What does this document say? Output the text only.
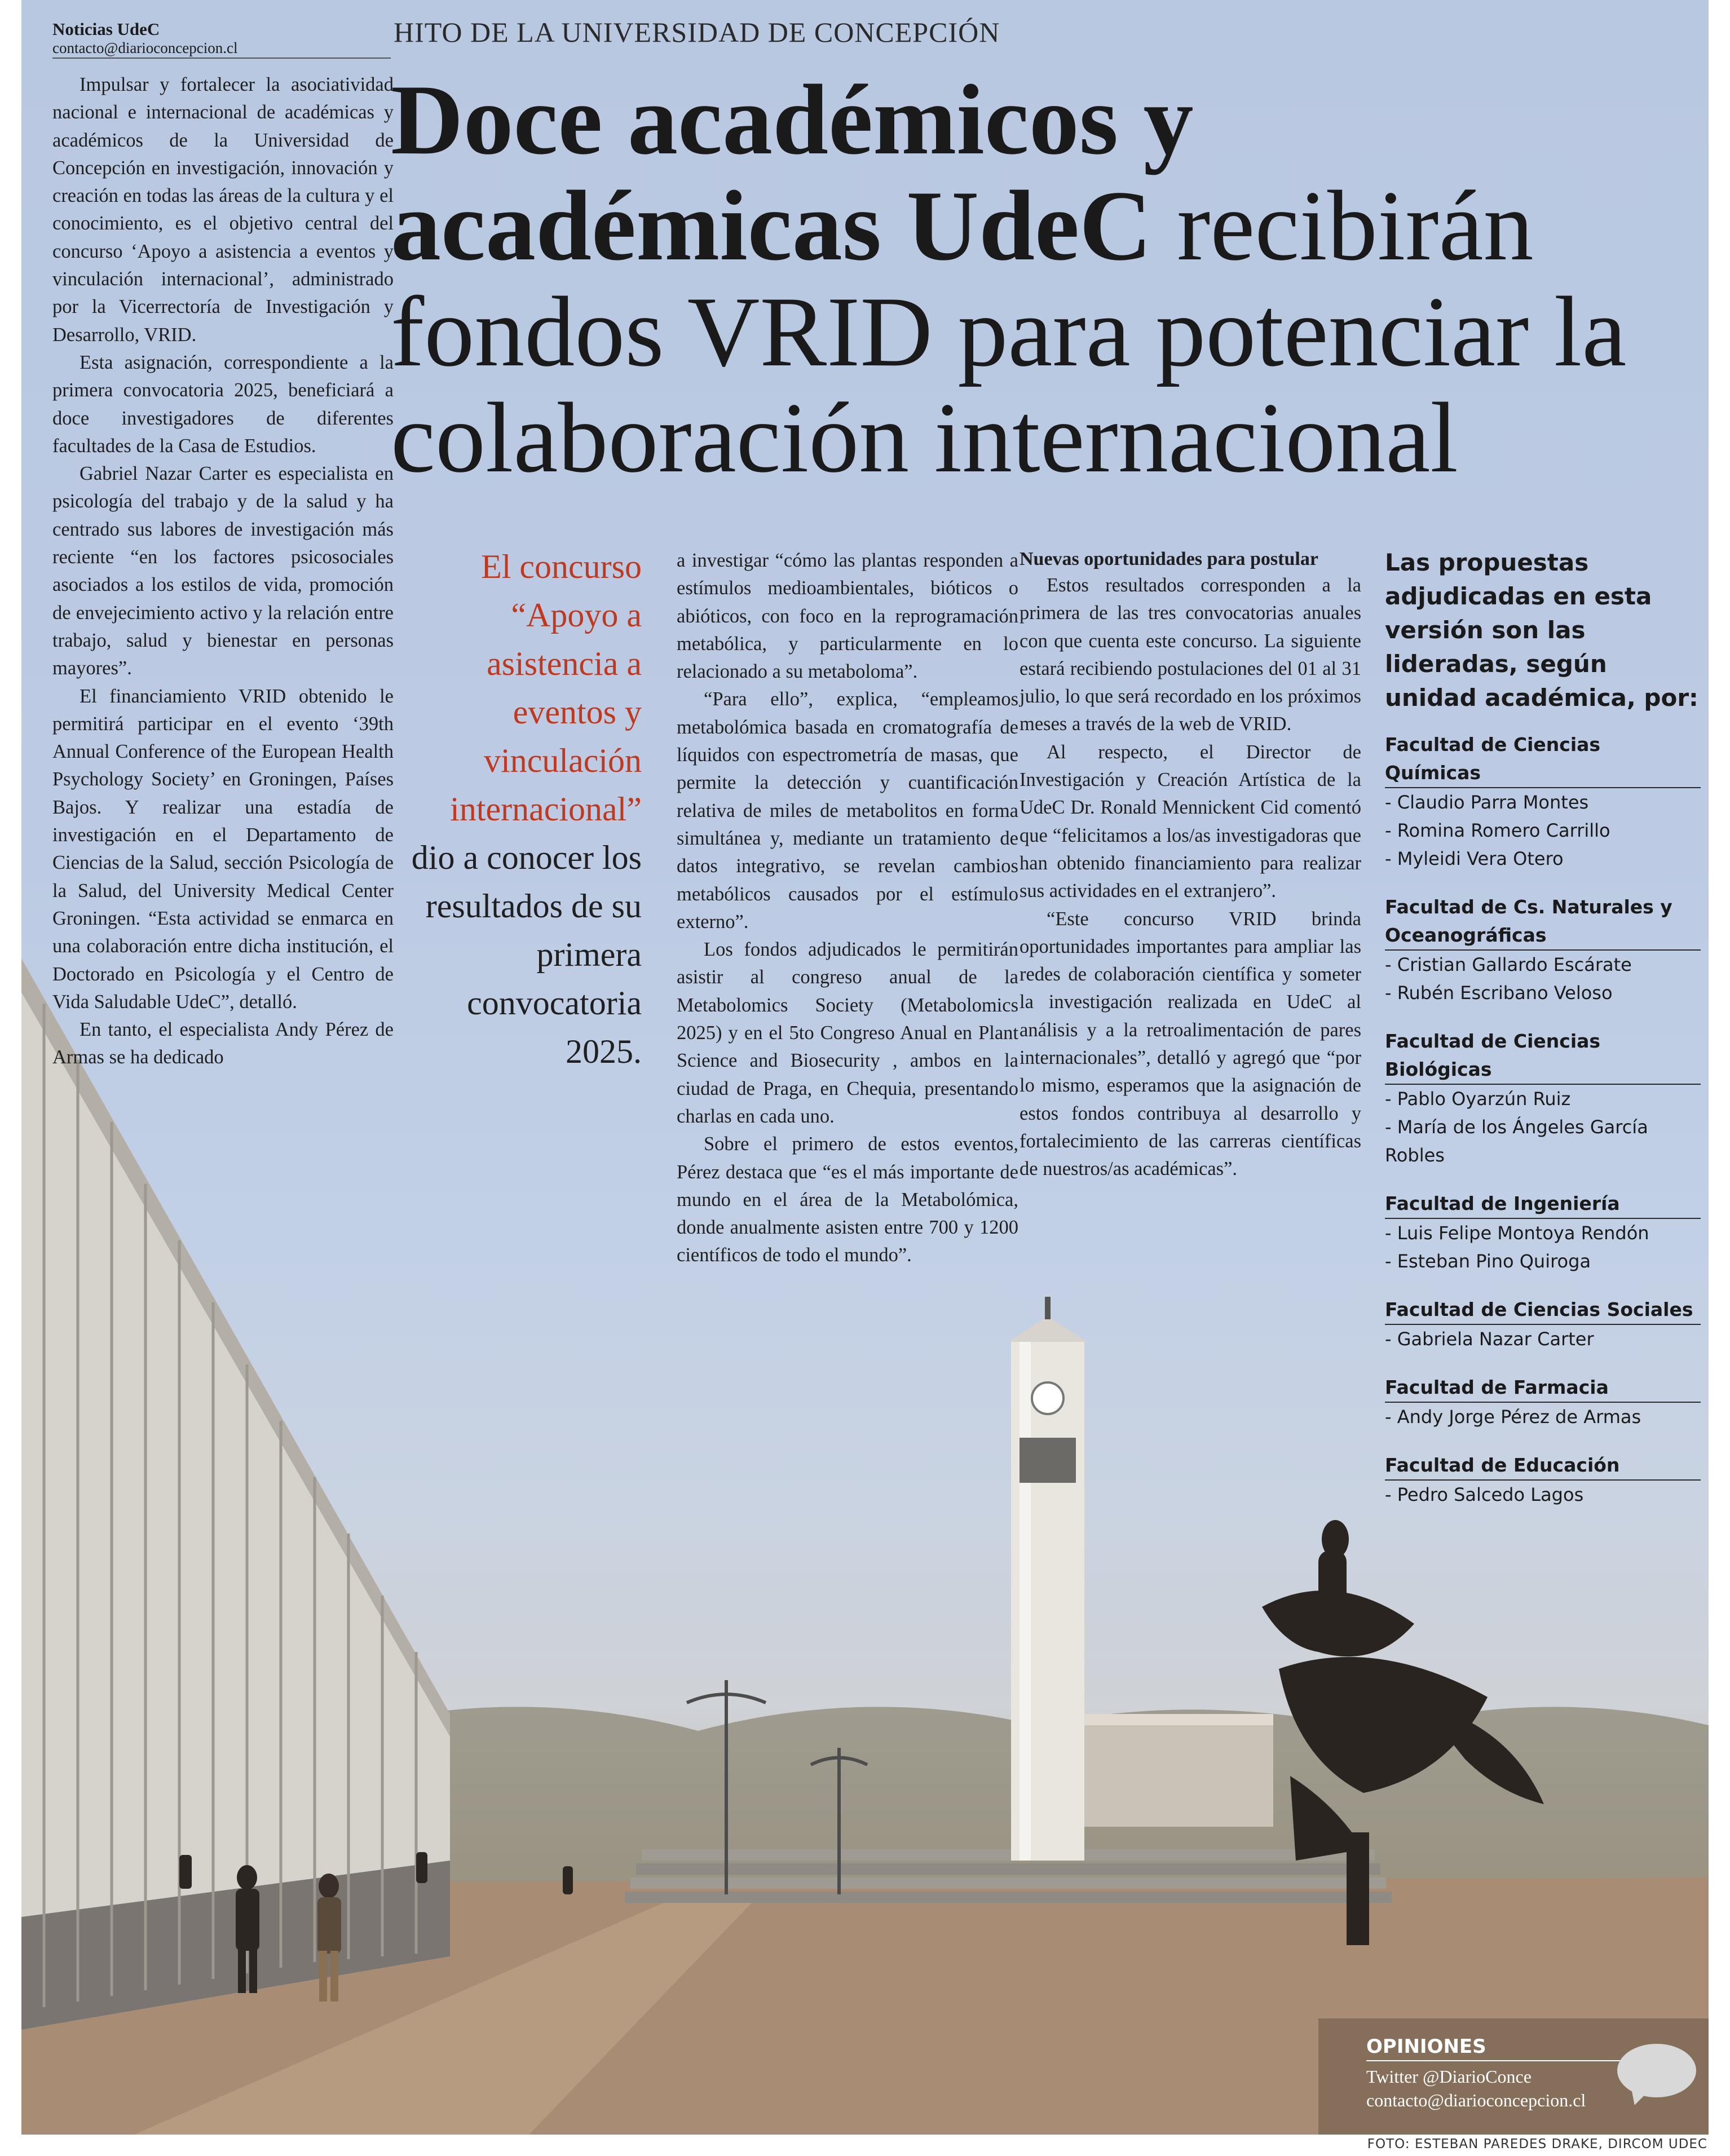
Noticias UdeC
contacto@diarioconcepcion.cl	HITO DE LA UNIVERSIDAD DE CONCEPCIÓN
Doce académicos y académicas UdeC recibirán fondos VRID para potenciar la colaboración internacional

Impulsar y fortalecer la asociatividad nacional e internacional de académicas y académicos de la Universidad de Concepción en investigación, innovación y creación en todas las áreas de la cultura y el conocimiento, es el objetivo central del concurso ‘Apoyo a asistencia a eventos y vinculación internacional’, administrado por la Vicerrectoría de Investigación y Desarrollo, VRID.

Esta asignación, correspondiente a la primera convocatoria 2025, beneficiará a doce investigadores de diferentes facultades de la Casa de Estudios.

Gabriel Nazar Carter es especialista en psicología del trabajo y de la salud y ha centrado sus labores de investigación más reciente “en los factores psicosociales asociados a los estilos de vida, promoción de envejecimiento activo y la relación entre trabajo, salud y bienestar en personas mayores”.

El financiamiento VRID obtenido le permitirá participar en el evento ‘39th Annual Conference of the European Health Psychology Society’ en Groningen, Países Bajos. Y realizar una estadía de investigación en el Departamento de Ciencias de la Salud, sección Psicología de la Salud, del University Medical Center Groningen. “Esta actividad se enmarca en una colaboración entre dicha institución, el Doctorado en Psicología y el Centro de Vida Saludable UdeC”, detalló.

En tanto, el especialista Andy Pérez de Armas se ha dedicado

El concurso “Apoyo a asistencia a eventos y vinculación internacional” dio a conocer los resultados de su primera convocatoria 2025.

a investigar “cómo las plantas responden a estímulos medioambientales, bióticos o abióticos, con foco en la reprogramación metabólica, y particularmente en lo relacionado a su metaboloma”.

“Para ello”, explica, “empleamos metabolómica basada en cromatografía de líquidos con espectrometría de masas, que permite la detección y cuantificación relativa de miles de metabolitos en forma simultánea y, mediante un tratamiento de datos integrativo, se revelan cambios metabólicos causados por el estímulo externo”.

Los fondos adjudicados le permitirán asistir al congreso anual de la Metabolomics Society (Metabolomics 2025) y en el 5to Congreso Anual en Plant Science and Biosecurity , ambos en la ciudad de Praga, en Chequia, presentando charlas en cada uno.

Sobre el primero de estos eventos, Pérez destaca que “es el más importante de mundo en el área de la Metabolómica, donde anualmente asisten entre 700 y 1200 científicos de todo el mundo”.

Nuevas oportunidades para postular

Estos resultados corresponden a la primera de las tres convocatorias anuales con que cuenta este concurso. La siguiente estará recibiendo postulaciones del 01 al 31 julio, lo que será recordado en los próximos meses a través de la web de VRID.

Al respecto, el Director de Investigación y Creación Artística de la UdeC Dr. Ronald Mennickent Cid comentó que “felicitamos a los/as investigadoras que han obtenido financiamiento para realizar sus actividades en el extranjero”.

“Este concurso VRID brinda oportunidades importantes para ampliar las redes de colaboración científica y someter la investigación realizada en UdeC al análisis y a la retroalimentación de pares internacionales”, detalló y agregó que “por lo mismo, esperamos que la asignación de estos fondos contribuya al desarrollo y fortalecimiento de las carreras científicas de nuestros/as académicas”.

Las propuestas adjudicadas en esta versión son las lideradas, según unidad académica, por:
Facultad de Ciencias Químicas
- Claudio Parra Montes
- Romina Romero Carrillo
- Myleidi Vera Otero
Facultad de Cs. Naturales y
Oceanográficas
- Cristian Gallardo Escárate
- Rubén Escribano Veloso
Facultad de Ciencias Biológicas
- Pablo Oyarzún Ruiz
- María de los Ángeles García Robles
Facultad de Ingeniería
- Luis Felipe Montoya Rendón
- Esteban Pino Quiroga
Facultad de Ciencias Sociales
- Gabriela Nazar Carter
Facultad de Farmacia
- Andy Jorge Pérez de Armas
Facultad de Educación
- Pedro Salcedo Lagos
OPINIONES
Twitter @DiarioConce
contacto@diarioconcepcion.cl
FOTO: ESTEBAN PAREDES DRAKE, DIRCOM UDEC
